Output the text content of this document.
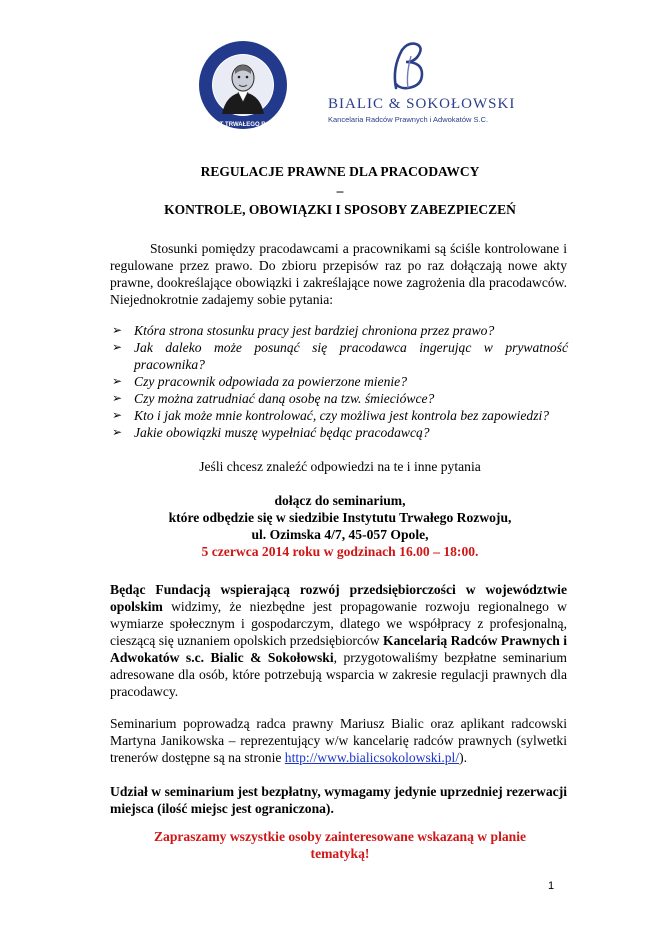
INSTYTUT TRWAŁEGO ROZWOJU
BIALIC & SOKOŁOWSKI
Kancelaria Radców Prawnych i Adwokatów S.C.
REGULACJE PRAWNE DLA PRACODAWCY
–
KONTROLE, OBOWIĄZKI I SPOSOBY ZABEZPIECZEŃ
Stosunki pomiędzy pracodawcami a pracownikami są ściśle kontrolowane i regulowane przez prawo. Do zbioru przepisów raz po raz dołączają nowe akty prawne, dookreślające obowiązki i zakreślające nowe zagrożenia dla pracodawców. Niejednokrotnie zadajemy sobie pytania:
➢ Która strona stosunku pracy jest bardziej chroniona przez prawo?
➢ Jak daleko może posunąć się pracodawca ingerując w prywatność pracownika?
➢ Czy pracownik odpowiada za powierzone mienie?
➢ Czy można zatrudniać daną osobę na tzw. śmieciówce?
➢ Kto i jak może mnie kontrolować, czy możliwa jest kontrola bez zapowiedzi?
➢ Jakie obowiązki muszę wypełniać będąc pracodawcą?
Jeśli chcesz znaleźć odpowiedzi na te i inne pytania
dołącz do seminarium,
które odbędzie się w siedzibie Instytutu Trwałego Rozwoju,
ul. Ozimska 4/7, 45-057 Opole,
5 czerwca 2014 roku w godzinach 16.00 – 18:00.
Będąc Fundacją wspierającą rozwój przedsiębiorczości w województwie opolskim widzimy, że niezbędne jest propagowanie rozwoju regionalnego w wymiarze społecznym i gospodarczym, dlatego we współpracy z profesjonalną, cieszącą się uznaniem opolskich przedsiębiorców Kancelarią Radców Prawnych i Adwokatów s.c. Bialic & Sokołowski, przygotowaliśmy bezpłatne seminarium adresowane dla osób, które potrzebują wsparcia w zakresie regulacji prawnych dla pracodawcy.
Seminarium poprowadzą radca prawny Mariusz Bialic oraz aplikant radcowski Martyna Janikowska – reprezentujący w/w kancelarię radców prawnych (sylwetki trenerów dostępne są na stronie http://www.bialicsokolowski.pl/).
Udział w seminarium jest bezpłatny, wymagamy jedynie uprzedniej rezerwacji miejsca (ilość miejsc jest ograniczona).
Zapraszamy wszystkie osoby zainteresowane wskazaną w planie
tematyką!
1
